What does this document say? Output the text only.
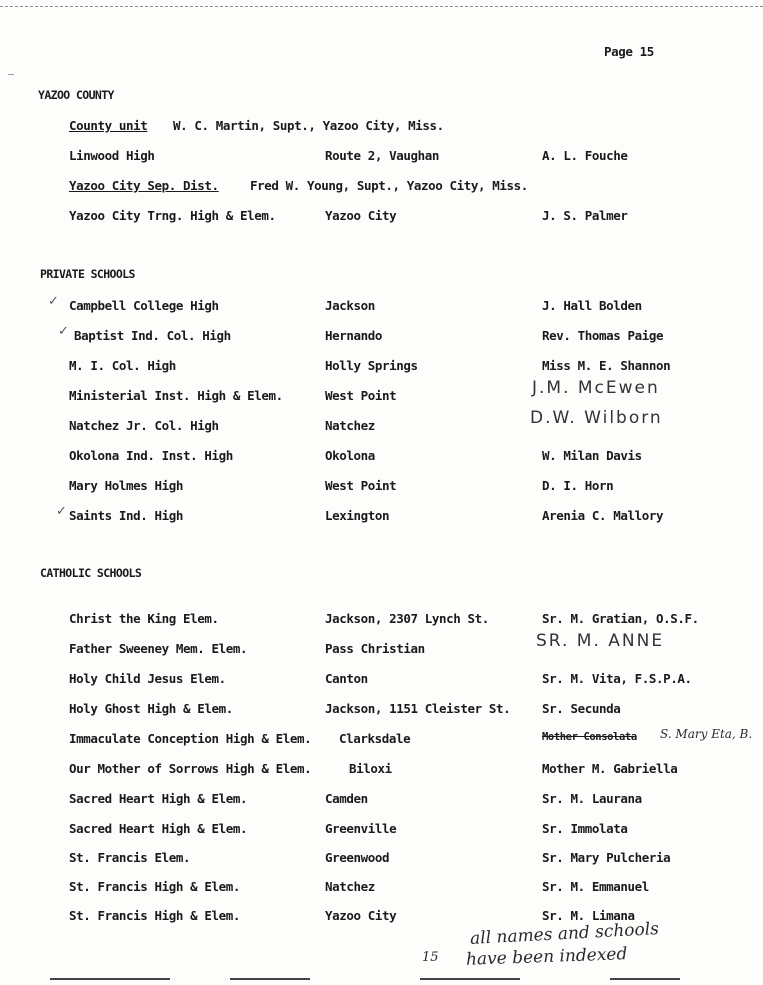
Page 15
YAZOO COUNTY
County unit W. C. Martin, Supt., Yazoo City, Miss.
Linwood High	Route 2, Vaughan	A. L. Fouche
Yazoo City Sep. Dist.	Fred W. Young, Supt., Yazoo City, Miss.
Yazoo City Trng. High & Elem.	Yazoo City	J. S. Palmer
PRIVATE SCHOOLS
✓ Campbell College High	Jackson	J. Hall Bolden
✓ Baptist Ind. Col. High	Hernando	Rev. Thomas Paige
M. I. Col. High	Holly Springs	Miss M. E. Shannon
Ministerial Inst. High & Elem.	West Point	J.M. McEwen
Natchez Jr. Col. High	Natchez	D.W. Wilborn
Okolona Ind. Inst. High	Okolona	W. Milan Davis
Mary Holmes High	West Point	D. I. Horn
✓ Saints Ind. High	Lexington	Arenia C. Mallory
CATHOLIC SCHOOLS
Christ the King Elem.	Jackson, 2307 Lynch St.	Sr. M. Gratian, O.S.F.
Father Sweeney Mem. Elem.	Pass Christian	SR. M. ANNE
Holy Child Jesus Elem.	Canton	Sr. M. Vita, F.S.P.A.
Holy Ghost High & Elem.	Jackson, 1151 Cleister St.	Sr. Secunda
Immaculate Conception High & Elem. Clarksdale	Mother Consolata S. Mary Eta, B.
Our Mother of Sorrows High & Elem.	Biloxi	Mother M. Gabriella
Sacred Heart High & Elem.	Camden	Sr. M. Laurana
Sacred Heart High & Elem.	Greenville	Sr. Immolata
St. Francis Elem.	Greenwood	Sr. Mary Pulcheria
St. Francis High & Elem.	Natchez	Sr. M. Emmanuel
St. Francis High & Elem.	Yazoo City	Sr. M. Limana
15
all names and schools
have been indexed
